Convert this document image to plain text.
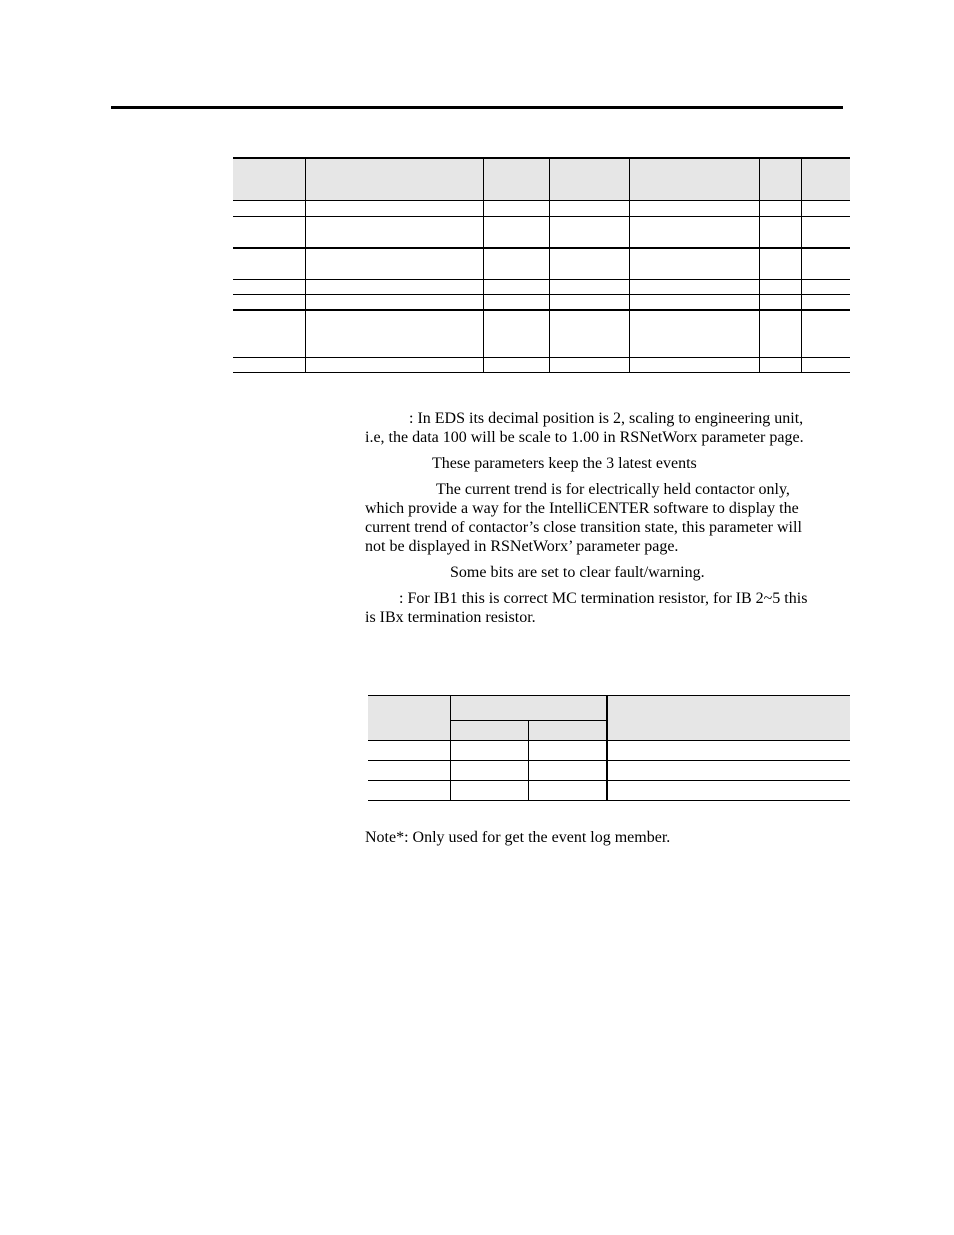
: In EDS its decimal position is 2, scaling to engineering unit,

i.e, the data 100 will be scale to 1.00 in RSNetWorx parameter page.

These parameters keep the 3 latest events

The current trend is for electrically held contactor only,
which provide a way for the IntelliCENTER software to display the
current trend of contactor’s close transition state, this parameter will
not be displayed in RSNetWorx’ parameter page.

Some bits are set to clear fault/warning.

: For IB1 this is correct MC termination resistor, for IB 2~5 this
is IBx termination resistor.

Note*: Only used for get the event log member.
